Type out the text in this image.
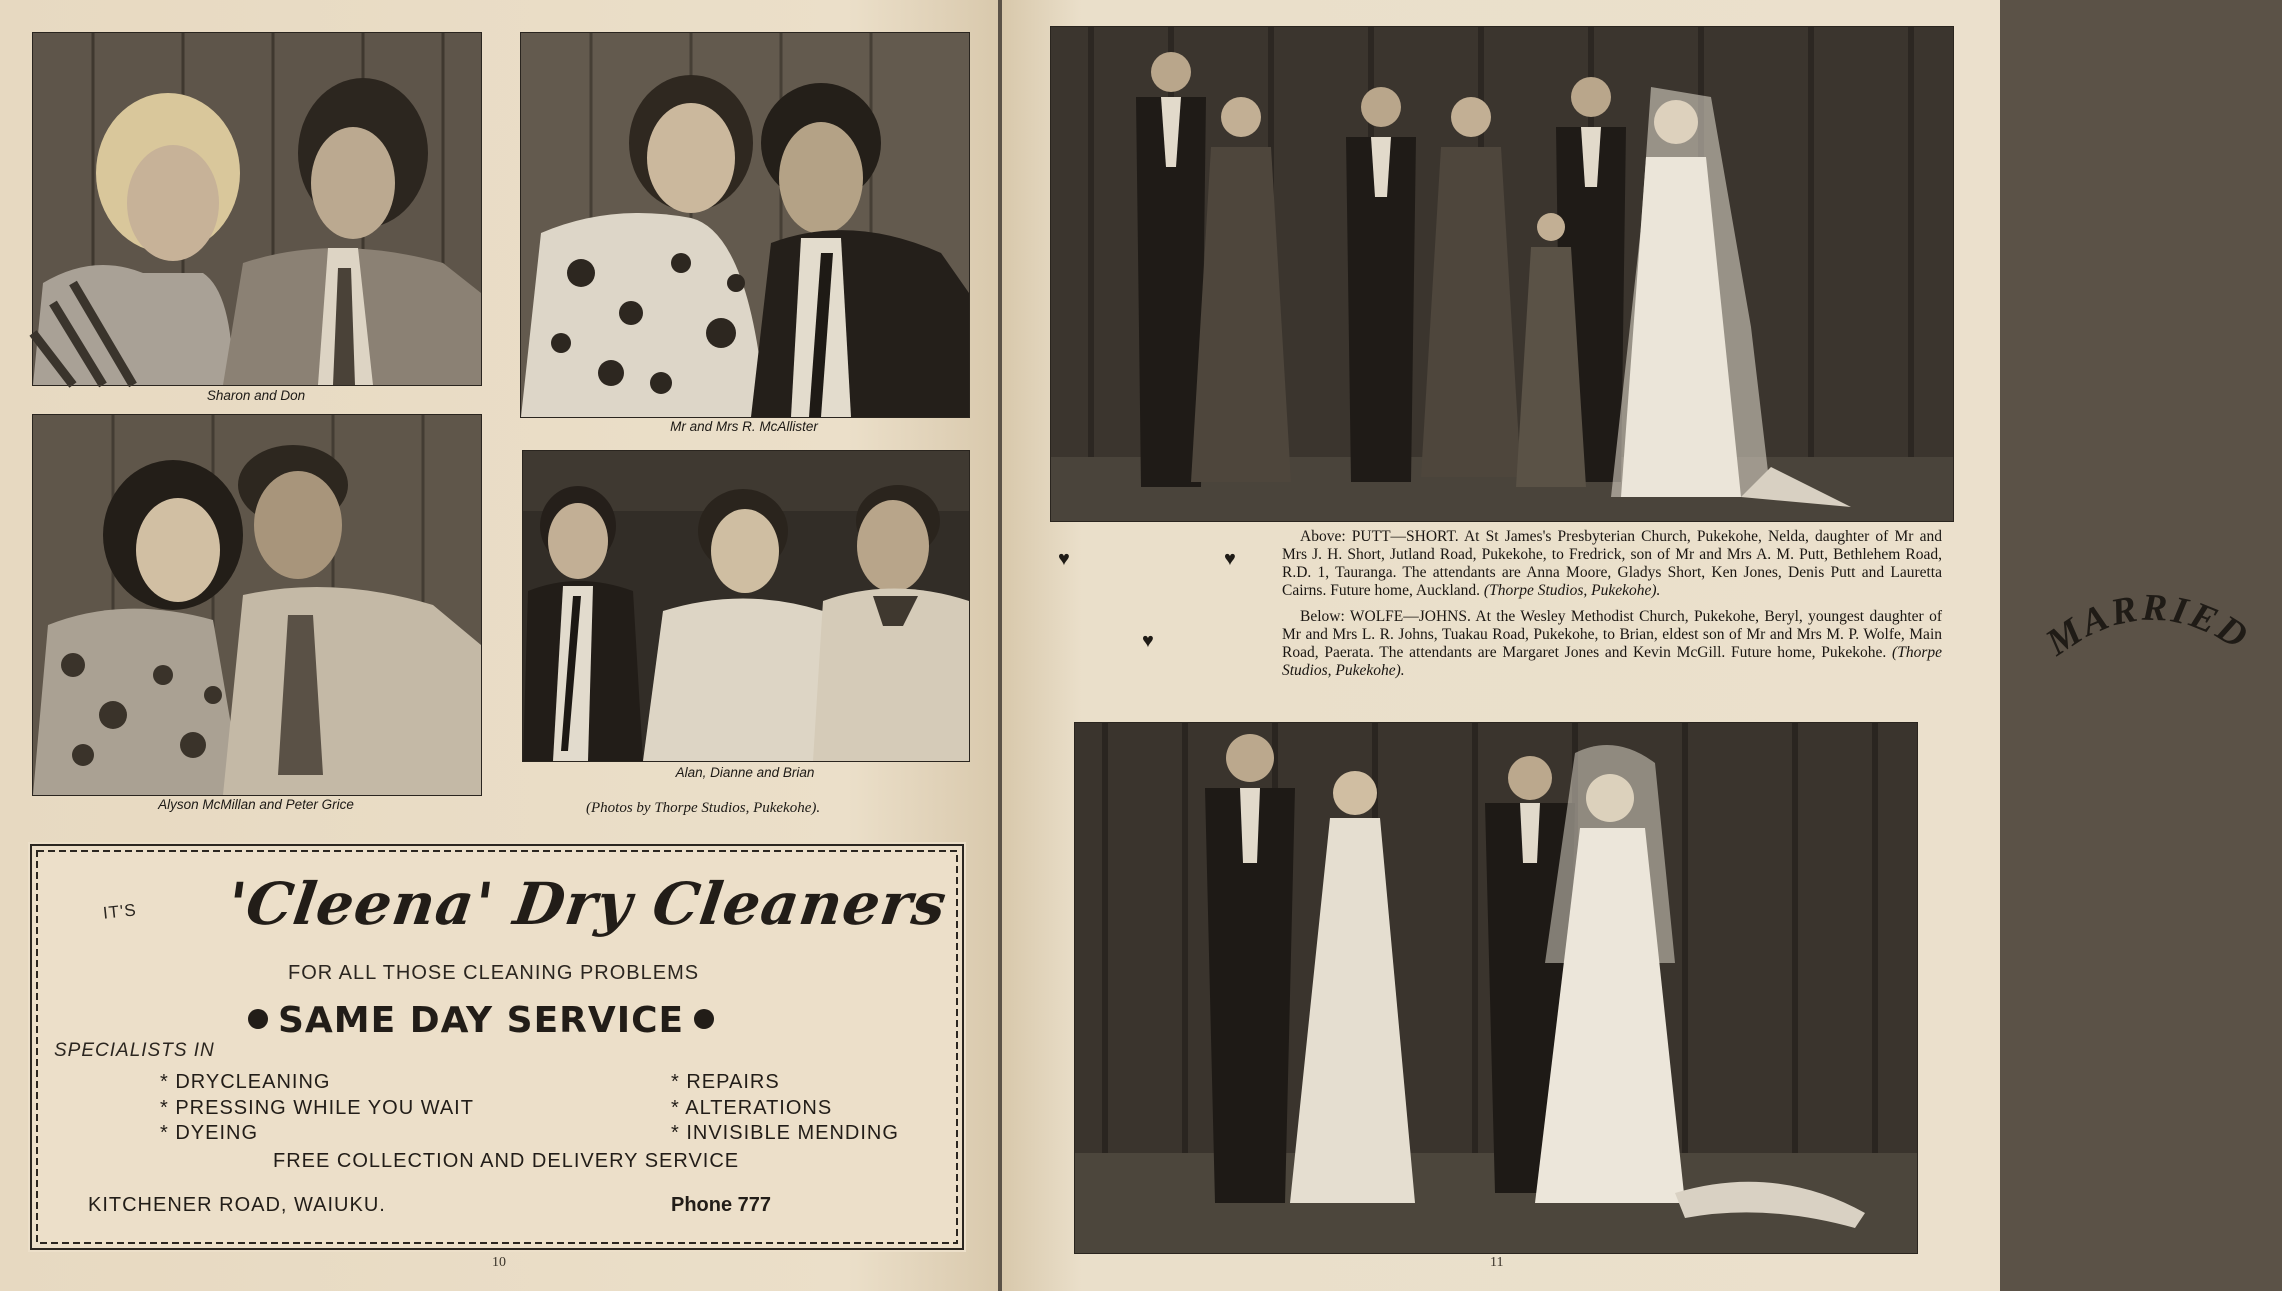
Sharon and Don
Mr and Mrs R. McAllister
Alyson McMillan and Peter Grice
Alan, Dianne and Brian
(Photos by Thorpe Studios, Pukekohe).
IT'S 'Cleena' Dry Cleaners
FOR ALL THOSE CLEANING PROBLEMS
SAME DAY SERVICE
SPECIALISTS IN
* DRYCLEANING
* PRESSING WHILE YOU WAIT
* DYEING
* REPAIRS
* ALTERATIONS
* INVISIBLE MENDING
FREE COLLECTION AND DELIVERY SERVICE
KITCHENER ROAD, WAIUKU.	Phone 777
10
MARRIED
♥	♥
♥

Above: PUTT—SHORT. At St James's Presbyterian Church, Pukekohe, Nelda, daughter of Mr and Mrs J. H. Short, Jutland Road, Pukekohe, to Fredrick, son of Mr and Mrs A. M. Putt, Bethlehem Road, R.D. 1, Tauranga. The attendants are Anna Moore, Gladys Short, Ken Jones, Denis Putt and Lauretta Cairns. Future home, Auckland. (Thorpe Studios, Pukekohe).

Below: WOLFE—JOHNS. At the Wesley Methodist Church, Pukekohe, Beryl, youngest daughter of Mr and Mrs L. R. Johns, Tuakau Road, Pukekohe, to Brian, eldest son of Mr and Mrs M. P. Wolfe, Main Road, Paerata. The attendants are Margaret Jones and Kevin McGill. Future home, Pukekohe. (Thorpe Studios, Pukekohe).

11
